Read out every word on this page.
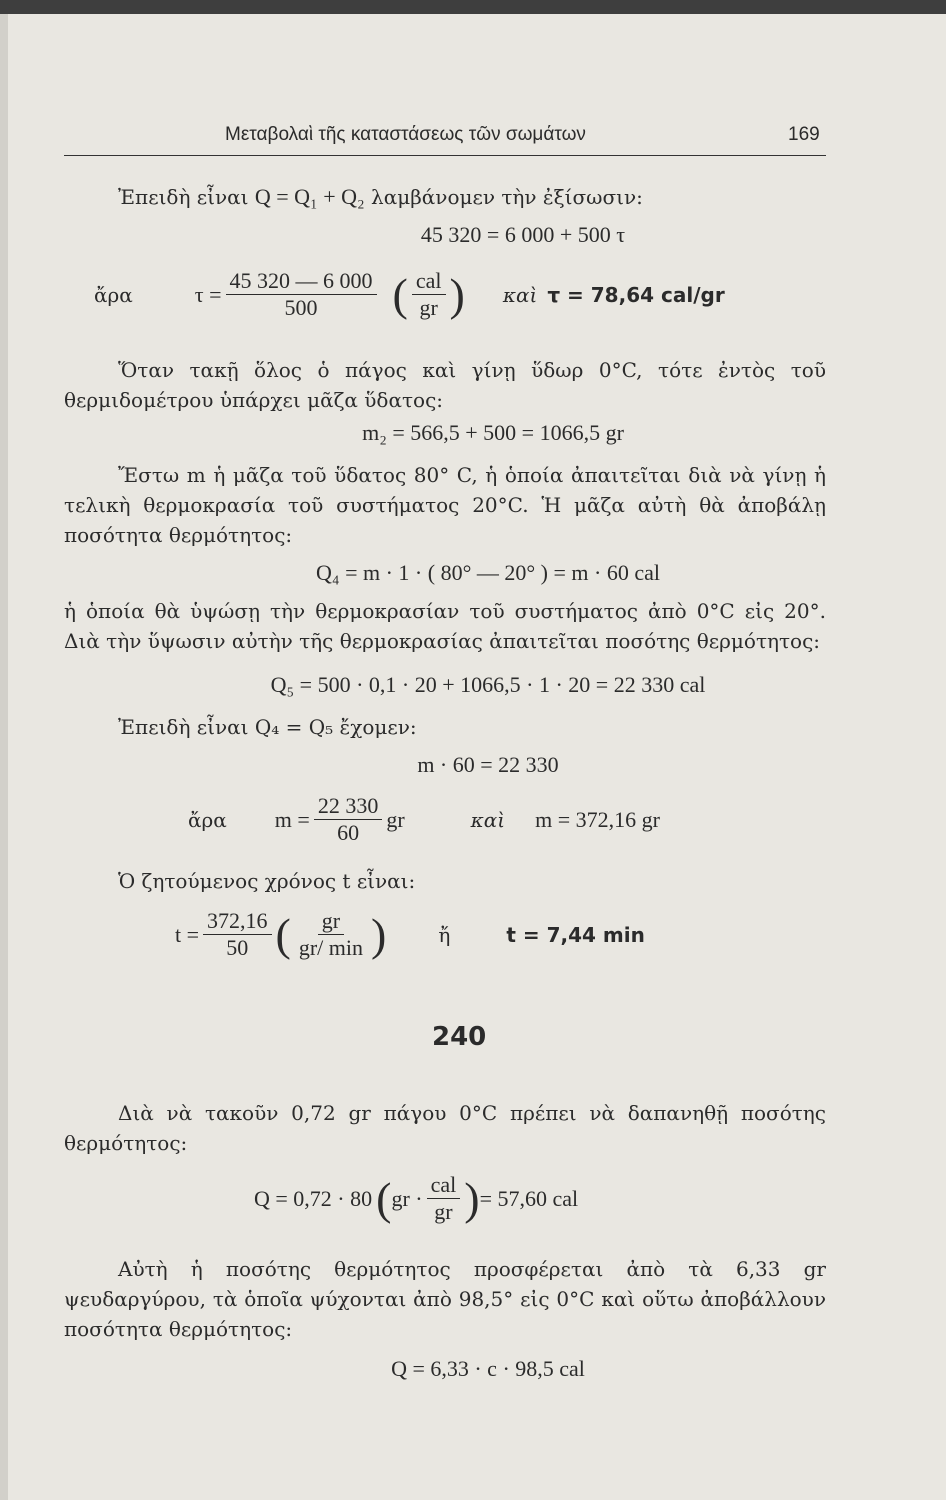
Μεταβολαὶ τῆς καταστάσεως τῶν σωμάτων	169
Ἐπειδὴ εἶναι Q = Q₁ + Q₂ λαμβάνομεν τὴν ἐξίσωσιν:
45 320 = 6 000 + 500 τ
ἄρα	$\tau = \frac{45 320 — 6 000}{500}$ ( $\frac{\text{cal}}{gr}$ ) καὶ τ = 78,64 cal/gr
Ὅταν τακῇ ὅλος ὁ πάγος καὶ γίνῃ ὕδωρ 0°C, τότε ἐντὸς τοῦ θερμιδομέτρου ὑπάρχει μᾶζα ὕδατος:
m₂ = 566,5 + 500 = 1066,5 gr
Ἔστω m ἡ μᾶζα τοῦ ὕδατος 80° C, ἡ ὁποία ἀπαιτεῖται διὰ νὰ γίνῃ ἡ τελικὴ θερμοκρασία τοῦ συστήματος 20°C. Ἡ μᾶζα αὐτὴ θὰ ἀποβάλῃ ποσότητα θερμότητος:
Q₄ = m · 1 · ( 80° — 20° ) = m · 60 cal
ἡ ὁποία θὰ ὑψώσῃ τὴν θερμοκρασίαν τοῦ συστήματος ἀπὸ 0°C εἰς 20°. Διὰ τὴν ὕψωσιν αὐτὴν τῆς θερμοκρασίας ἀπαιτεῖται ποσότης θερμότητος:
Q₅ = 500 · 0,1 · 20 + 1066,5 · 1 · 20 = 22 330 cal
Ἐπειδὴ εἶναι Q₄ = Q₅ ἔχομεν:
m · 60 = 22 330
ἄρα $m = \frac{22 330}{60}$ gr	καὶ m = 372,16 gr
Ὁ ζητούμενος χρόνος t εἶναι:
$t = \frac{372,16}{50}$ ( $\frac{gr}{gr/ \min}$ )	ἤ	t = 7,44 min
240
Διὰ νὰ τακοῦν 0,72 gr πάγου 0°C πρέπει νὰ δαπανηθῇ ποσότης θερμότητος:
Q = 0,72 · 80 ( gr · $\frac{\text{cal}}{gr}$ ) = 57,60 cal
Αὐτὴ ἡ ποσότης θερμότητος προσφέρεται ἀπὸ τὰ 6,33 gr ψευδαργύρου, τὰ ὁποῖα ψύχονται ἀπὸ 98,5° εἰς 0°C καὶ οὕτω ἀποβάλλουν ποσότητα θερμότητος:
Q = 6,33 · c · 98,5 cal
